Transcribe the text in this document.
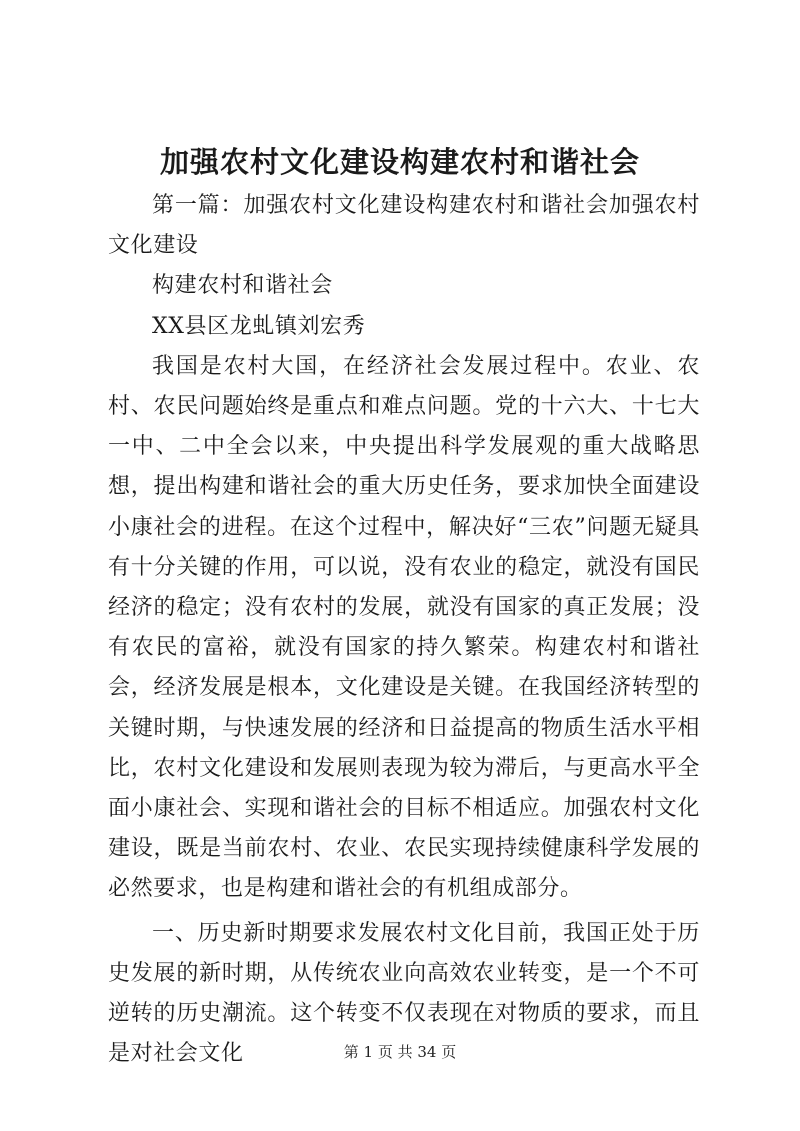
加强农村文化建设构建农村和谐社会

第一篇：加强农村文化建设构建农村和谐社会加强农村文化建设

构建农村和谐社会

XX县区龙虬镇刘宏秀

我国是农村大国，在经济社会发展过程中。农业、农村、农民问题始终是重点和难点问题。党的十六大、十七大一中、二中全会以来，中央提出科学发展观的重大战略思想，提出构建和谐社会的重大历史任务，要求加快全面建设小康社会的进程。在这个过程中，解决好“三农”问题无疑具有十分关键的作用，可以说，没有农业的稳定，就没有国民经济的稳定；没有农村的发展，就没有国家的真正发展；没有农民的富裕，就没有国家的持久繁荣。构建农村和谐社会，经济发展是根本，文化建设是关键。在我国经济转型的关键时期，与快速发展的经济和日益提高的物质生活水平相比，农村文化建设和发展则表现为较为滞后，与更高水平全面小康社会、实现和谐社会的目标不相适应。加强农村文化建设，既是当前农村、农业、农民实现持续健康科学发展的必然要求，也是构建和谐社会的有机组成部分。

一、历史新时期要求发展农村文化目前，我国正处于历史发展的新时期，从传统农业向高效农业转变，是一个不可逆转的历史潮流。这个转变不仅表现在对物质的要求，而且是对社会文化	第 1 页 共 34 页
